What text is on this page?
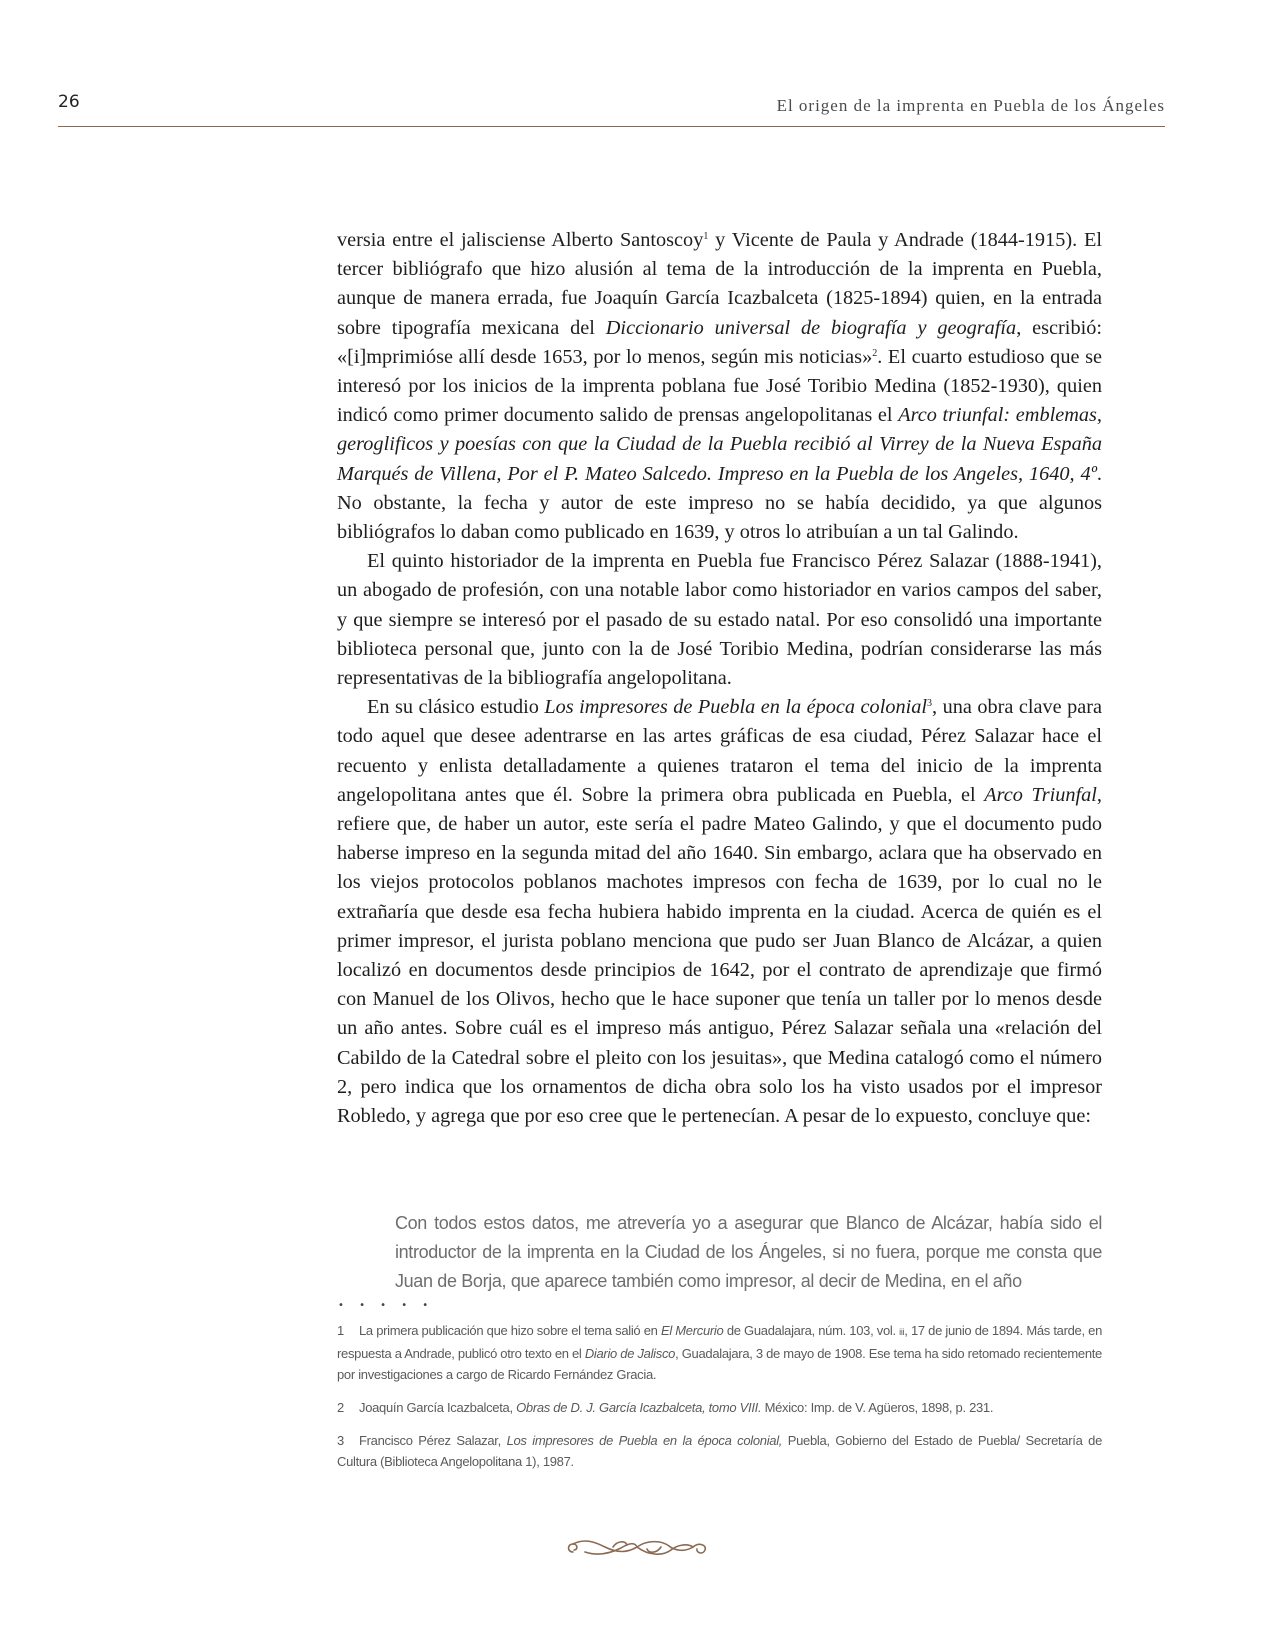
26	El origen de la imprenta en Puebla de los Ángeles

versia entre el jalisciense Alberto Santoscoy$^1$ y Vicente de Paula y Andrade (1844-1915). El tercer bibliógrafo que hizo alusión al tema de la introducción de la imprenta en Puebla, aunque de manera errada, fue Joaquín García Icazbalceta (1825-1894) quien, en la entrada sobre tipografía mexicana del Diccionario universal de biografía y geografía, escribió: «[i]mprimióse allí desde 1653, por lo menos, según mis noticias»$^2$. El cuarto estudioso que se interesó por los inicios de la imprenta poblana fue José Toribio Medina (1852-1930), quien indicó como primer documento salido de prensas angelopolitanas el Arco triunfal: emblemas, geroglificos y poesías con que la Ciudad de la Puebla recibió al Virrey de la Nueva España Marqués de Villena, Por el P. Mateo Salcedo. Impreso en la Puebla de los Angeles, 1640, 4º. No obstante, la fecha y autor de este impreso no se había decidido, ya que algunos bibliógrafos lo daban como publicado en 1639, y otros lo atribuían a un tal Galindo.

El quinto historiador de la imprenta en Puebla fue Francisco Pérez Salazar (1888-1941), un abogado de profesión, con una notable labor como historiador en varios campos del saber, y que siempre se interesó por el pasado de su estado natal. Por eso consolidó una importante biblioteca personal que, junto con la de José Toribio Medina, podrían considerarse las más representativas de la bibliografía angelopolitana.

En su clásico estudio Los impresores de Puebla en la época colonial$^3$, una obra clave para todo aquel que desee adentrarse en las artes gráficas de esa ciudad, Pérez Salazar hace el recuento y enlista detalladamente a quienes trataron el tema del inicio de la imprenta angelopolitana antes que él. Sobre la primera obra publicada en Puebla, el Arco Triunfal, refiere que, de haber un autor, este sería el padre Mateo Galindo, y que el documento pudo haberse impreso en la segunda mitad del año 1640. Sin embargo, aclara que ha observado en los viejos protocolos poblanos machotes impresos con fecha de 1639, por lo cual no le extrañaría que desde esa fecha hubiera habido imprenta en la ciudad. Acerca de quién es el primer impresor, el jurista poblano menciona que pudo ser Juan Blanco de Alcázar, a quien localizó en documentos desde principios de 1642, por el contrato de aprendizaje que firmó con Manuel de los Olivos, hecho que le hace suponer que tenía un taller por lo menos desde un año antes. Sobre cuál es el impreso más antiguo, Pérez Salazar señala una «relación del Cabildo de la Catedral sobre el pleito con los jesuitas», que Medina catalogó como el número 2, pero indica que los ornamentos de dicha obra solo los ha visto usados por el impresor Robledo, y agrega que por eso cree que le pertenecían. A pesar de lo expuesto, concluye que:

Con todos estos datos, me atrevería yo a asegurar que Blanco de Alcázar, había sido el introductor de la imprenta en la Ciudad de los Ángeles, si no fuera, porque me consta que Juan de Borja, que aparece también como impresor, al decir de Medina, en el año

• • • • •

1 La primera publicación que hizo sobre el tema salió en El Mercurio de Guadalajara, núm. 103, vol. iii, 17 de junio de 1894. Más tarde, en respuesta a Andrade, publicó otro texto en el Diario de Jalisco, Guadalajara, 3 de mayo de 1908. Ese tema ha sido retomado recientemente por investigaciones a cargo de Ricardo Fernández Gracia.

2 Joaquín García Icazbalceta, Obras de D. J. García Icazbalceta, tomo VIII. México: Imp. de V. Agüeros, 1898, p. 231.

3 Francisco Pérez Salazar, Los impresores de Puebla en la época colonial, Puebla, Gobierno del Estado de Puebla/ Secretaría de Cultura (Biblioteca Angelopolitana 1), 1987.
